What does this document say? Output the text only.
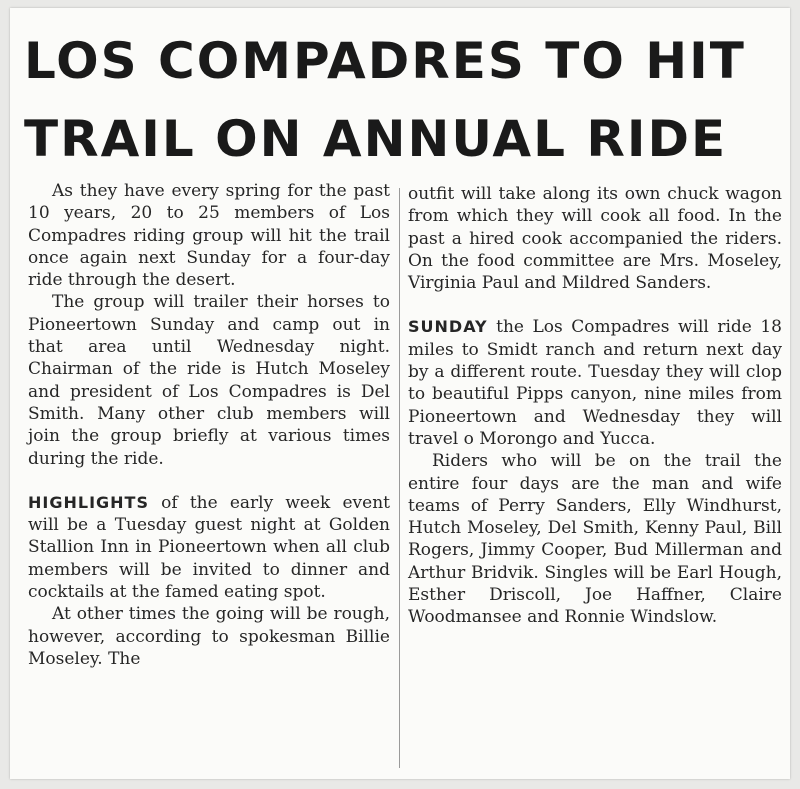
LOS COMPADRES TO HIT
TRAIL ON ANNUAL RIDE

As they have every spring for the past 10 years, 20 to 25 members of Los Compadres riding group will hit the trail once again next Sunday for a four-day ride through the desert.

The group will trailer their horses to Pioneertown Sunday and camp out in that area until Wednesday night. Chairman of the ride is Hutch Moseley and president of Los Compadres is Del Smith. Many other club members will join the group briefly at various times during the ride.

HIGHLIGHTS of the early week event will be a Tuesday guest night at Golden Stallion Inn in Pioneertown when all club members will be invited to dinner and cocktails at the famed eating spot.

At other times the going will be rough, however, according to spokesman Billie Moseley. The

outfit will take along its own chuck wagon from which they will cook all food. In the past a hired cook accompanied the riders. On the food committee are Mrs. Moseley, Virginia Paul and Mildred Sanders.

SUNDAY the Los Compadres will ride 18 miles to Smidt ranch and return next day by a different route. Tuesday they will clop to beautiful Pipps canyon, nine miles from Pioneertown and Wednesday they will travel o Morongo and Yucca.

Riders who will be on the trail the entire four days are the man and wife teams of Perry Sanders, Elly Windhurst, Hutch Moseley, Del Smith, Kenny Paul, Bill Rogers, Jimmy Cooper, Bud Millerman and Arthur Bridvik. Singles will be Earl Hough, Esther Driscoll, Joe Haffner, Claire Woodmansee and Ronnie Windslow.
